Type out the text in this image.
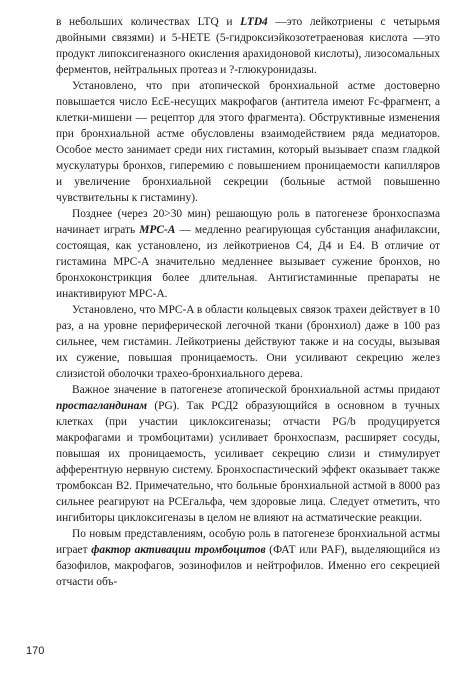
в небольших количествах LTQ и LTD4 —это лейкотриены с четырьмя двойными связями) и 5-HETE (5-гидроксиэйкозотетраеновая кислота —это продукт липоксигеназного окисления арахидоновой кислоты), лизосомальных ферментов, нейтральных протеаз и ?-глюкуронидазы.

Установлено, что при атопической бронхиальной астме достоверно повышается число ЕсЕ-несущих макрофагов (антитела имеют Fc-фрагмент, а клетки-мишени — рецептор для этого фрагмента). Обструктивные изменения при бронхиальной астме обусловлены взаимодействием ряда медиаторов. Особое место занимает среди них гистамин, который вызывает спазм гладкой мускулатуры бронхов, гиперемию с повышением проницаемости капилляров и увеличение бронхиальной секреции (больные астмой повышенно чувствительны к гистамину).

Позднее (через 20>30 мин) решающую роль в патогенезе бронхоспазма начинает играть MPC-A — медленно реагирующая субстанция анафилаксии, состоящая, как установлено, из лейкотриенов С4, Д4 и Е4. В отличие от гистамина MPC-A значительно медленнее вызывает сужение бронхов, но бронхоконстрикция более длительная. Антигистаминные препараты не инактивируют MPC-A.

Установлено, что MPC-A в области кольцевых связок трахеи действует в 10 раз, а на уровне периферической легочной ткани (бронхиол) даже в 100 раз сильнее, чем гистамин. Лейкотриены действуют также и на сосуды, вызывая их сужение, повышая проницаемость. Они усиливают секрецию желез слизистой оболочки трахео-бронхиального дерева.

Важное значение в патогенезе атопической бронхиальной астмы придают простагландинам (PG). Так РСД2 образующийся в основном в тучных клетках (при участии циклоксигеназы; отчасти PG/b продуцируется макрофагами и тромбоцитами) усиливает бронхоспазм, расширяет сосуды, повышая их проницаемость, усиливает секрецию слизи и стимулирует афферентную нервную систему. Бронхоспастический эффект оказывает также тромбоксан В2. Примечательно, что больные бронхиальной астмой в 8000 раз сильнее реагируют на РСЕгальфа, чем здоровые лица. Следует отметить, что ингибиторы циклоксигеназы в целом не влияют на астматические реакции.

По новым представлениям, особую роль в патогенезе бронхиальной астмы играет фактор активации тромбоцитов (ФАТ или PAF), выделяющийся из базофилов, макрофагов, эозинофилов и нейтрофилов. Именно его секрецией отчасти объ-

170
